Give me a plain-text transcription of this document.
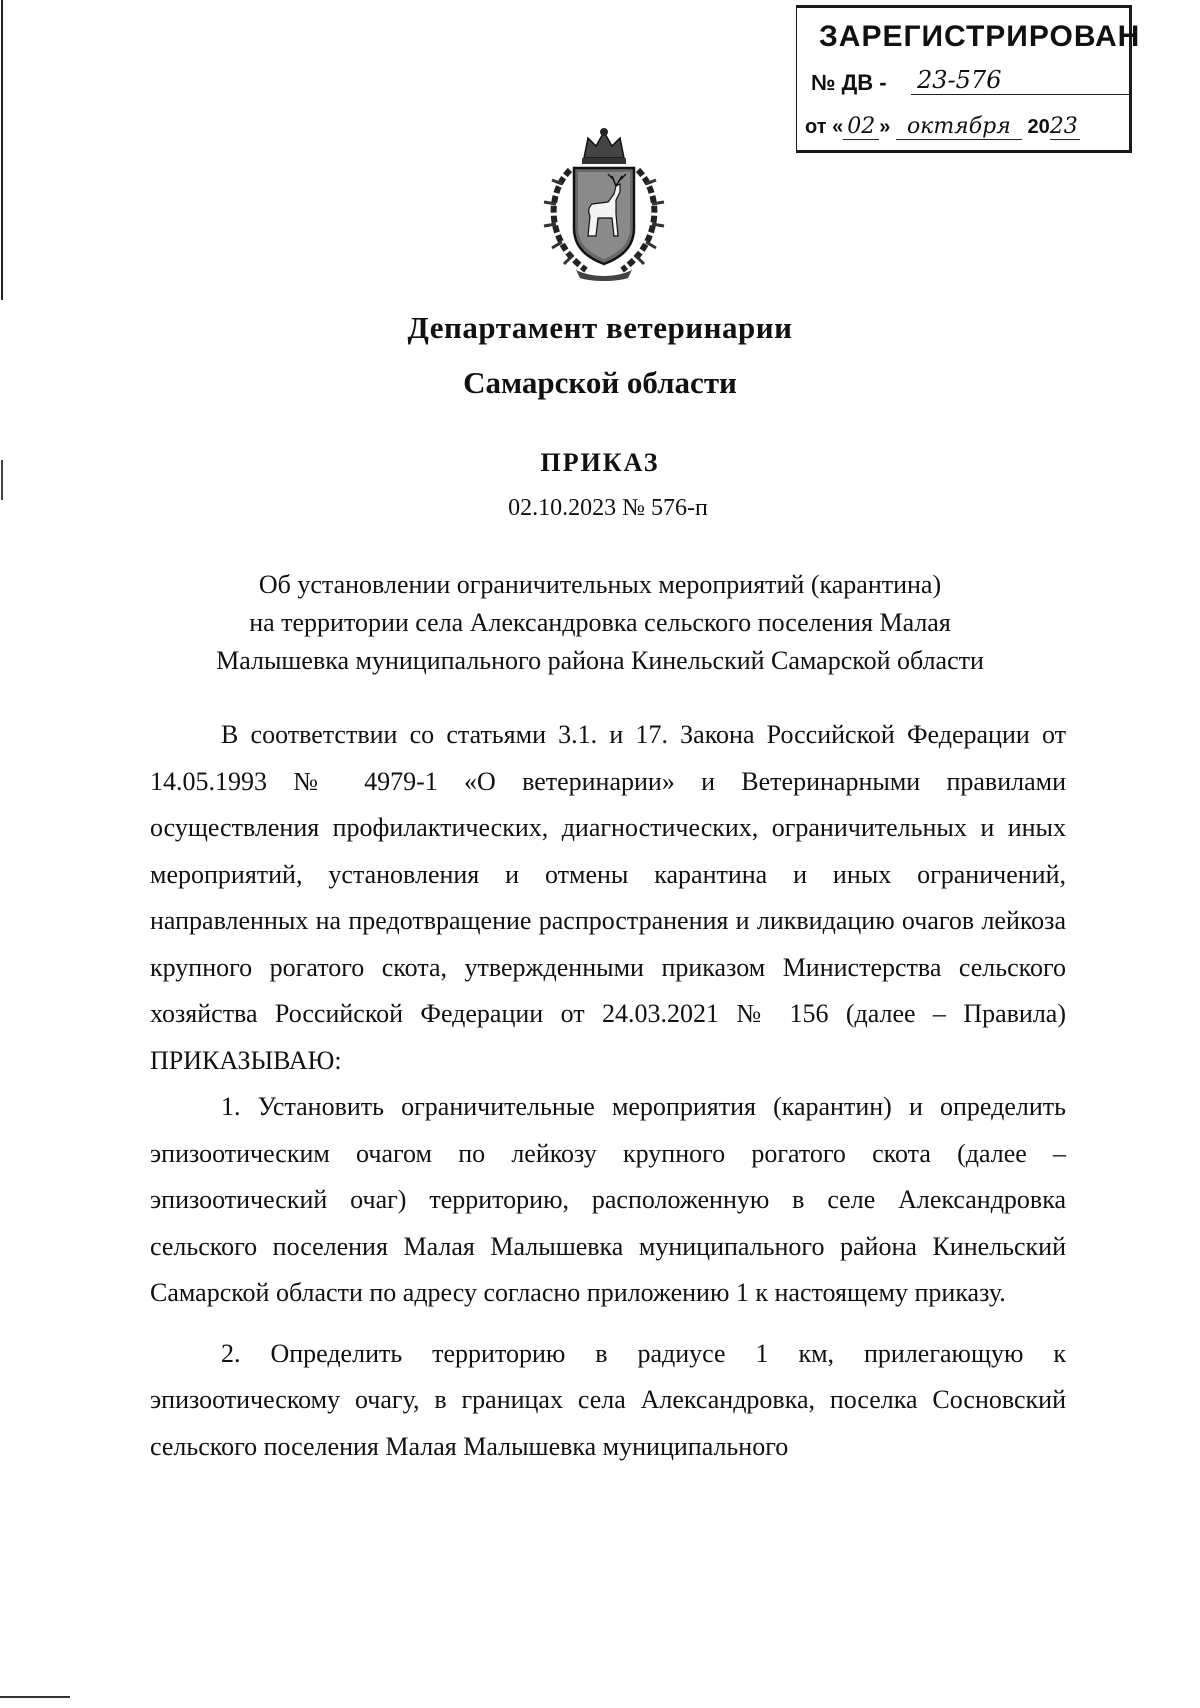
ЗАРЕГИСТРИРОВАН
№ ДВ - 23-576
от « 02 » октября 2023
Департамент ветеринарии
Самарской области
ПРИКАЗ
02.10.2023 № 576-п
Об установлении ограничительных мероприятий (карантина)
на территории села Александровка сельского поселения Малая
Малышевка муниципального района Кинельский Самарской области

В соответствии со статьями 3.1. и 17. Закона Российской Федерации от 14.05.1993 № 4979-1 «О ветеринарии» и Ветеринарными правилами осуществления профилактических, диагностических, ограничительных и иных мероприятий, установления и отмены карантина и иных ограничений, направленных на предотвращение распространения и ликвидацию очагов лейкоза крупного рогатого скота, утвержденными приказом Министерства сельского хозяйства Российской Федерации от 24.03.2021 № 156 (далее – Правила) ПРИКАЗЫВАЮ:

1. Установить ограничительные мероприятия (карантин) и определить эпизоотическим очагом по лейкозу крупного рогатого скота (далее – эпизоотический очаг) территорию, расположенную в селе Александровка сельского поселения Малая Малышевка муниципального района Кинельский Самарской области по адресу согласно приложению 1 к настоящему приказу.

2. Определить территорию в радиусе 1 км, прилегающую к эпизоотическому очагу, в границах села Александровка, поселка Сосновский сельского поселения Малая Малышевка муниципального
